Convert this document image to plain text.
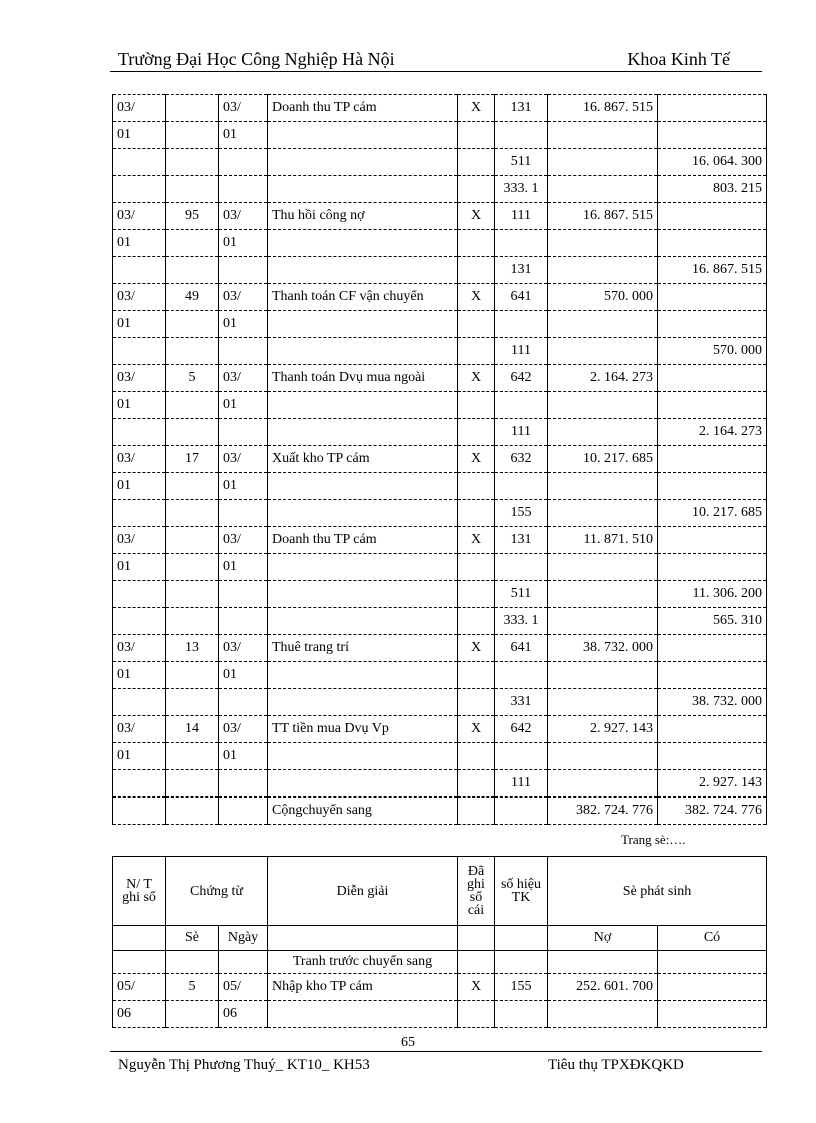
Trường Đại Học Công Nghiệp Hà Nội	Khoa Kinh Tế
03/		03/	Doanh thu TP cám	X	131	16. 867. 515	
01		01					
					511		16. 064. 300
					333. 1		803. 215
03/	95	03/	Thu hồi công nợ	X	111	16. 867. 515	
01		01					
					131		16. 867. 515
03/	49	03/	Thanh toán CF vận chuyển	X	641	570. 000	
01		01					
					111		570. 000
03/	5	03/	Thanh toán Dvụ mua ngoài	X	642	2. 164. 273	
01		01					
					111		2. 164. 273
03/	17	03/	Xuất kho TP cám	X	632	10. 217. 685	
01		01					
					155		10. 217. 685
03/		03/	Doanh thu TP cám	X	131	11. 871. 510	
01		01					
					511		11. 306. 200
					333. 1		565. 310
03/	13	03/	Thuê trang trí	X	641	38. 732. 000	
01		01					
					331		38. 732. 000
03/	14	03/	TT tiền mua Dvụ Vp	X	642	2. 927. 143	
01		01					
					111		2. 927. 143

			Cộngchuyển sang			382. 724. 776	382. 724. 776
Trang sè:….
N/ T ghi sổ	Chứng từ		Diễn giải	Đã ghi sổ cái	số hiệu TK	Sè phát sinh	
	Sè	Ngày				Nợ	Có
			Tranh trước chuyển sang				
05/	5	05/	Nhập kho TP cám	X	155	252. 601. 700	
06		06					
65
Nguyễn Thị Phương Thuý_ KT10_ KH53	Tiêu thụ TPXĐKQKD
